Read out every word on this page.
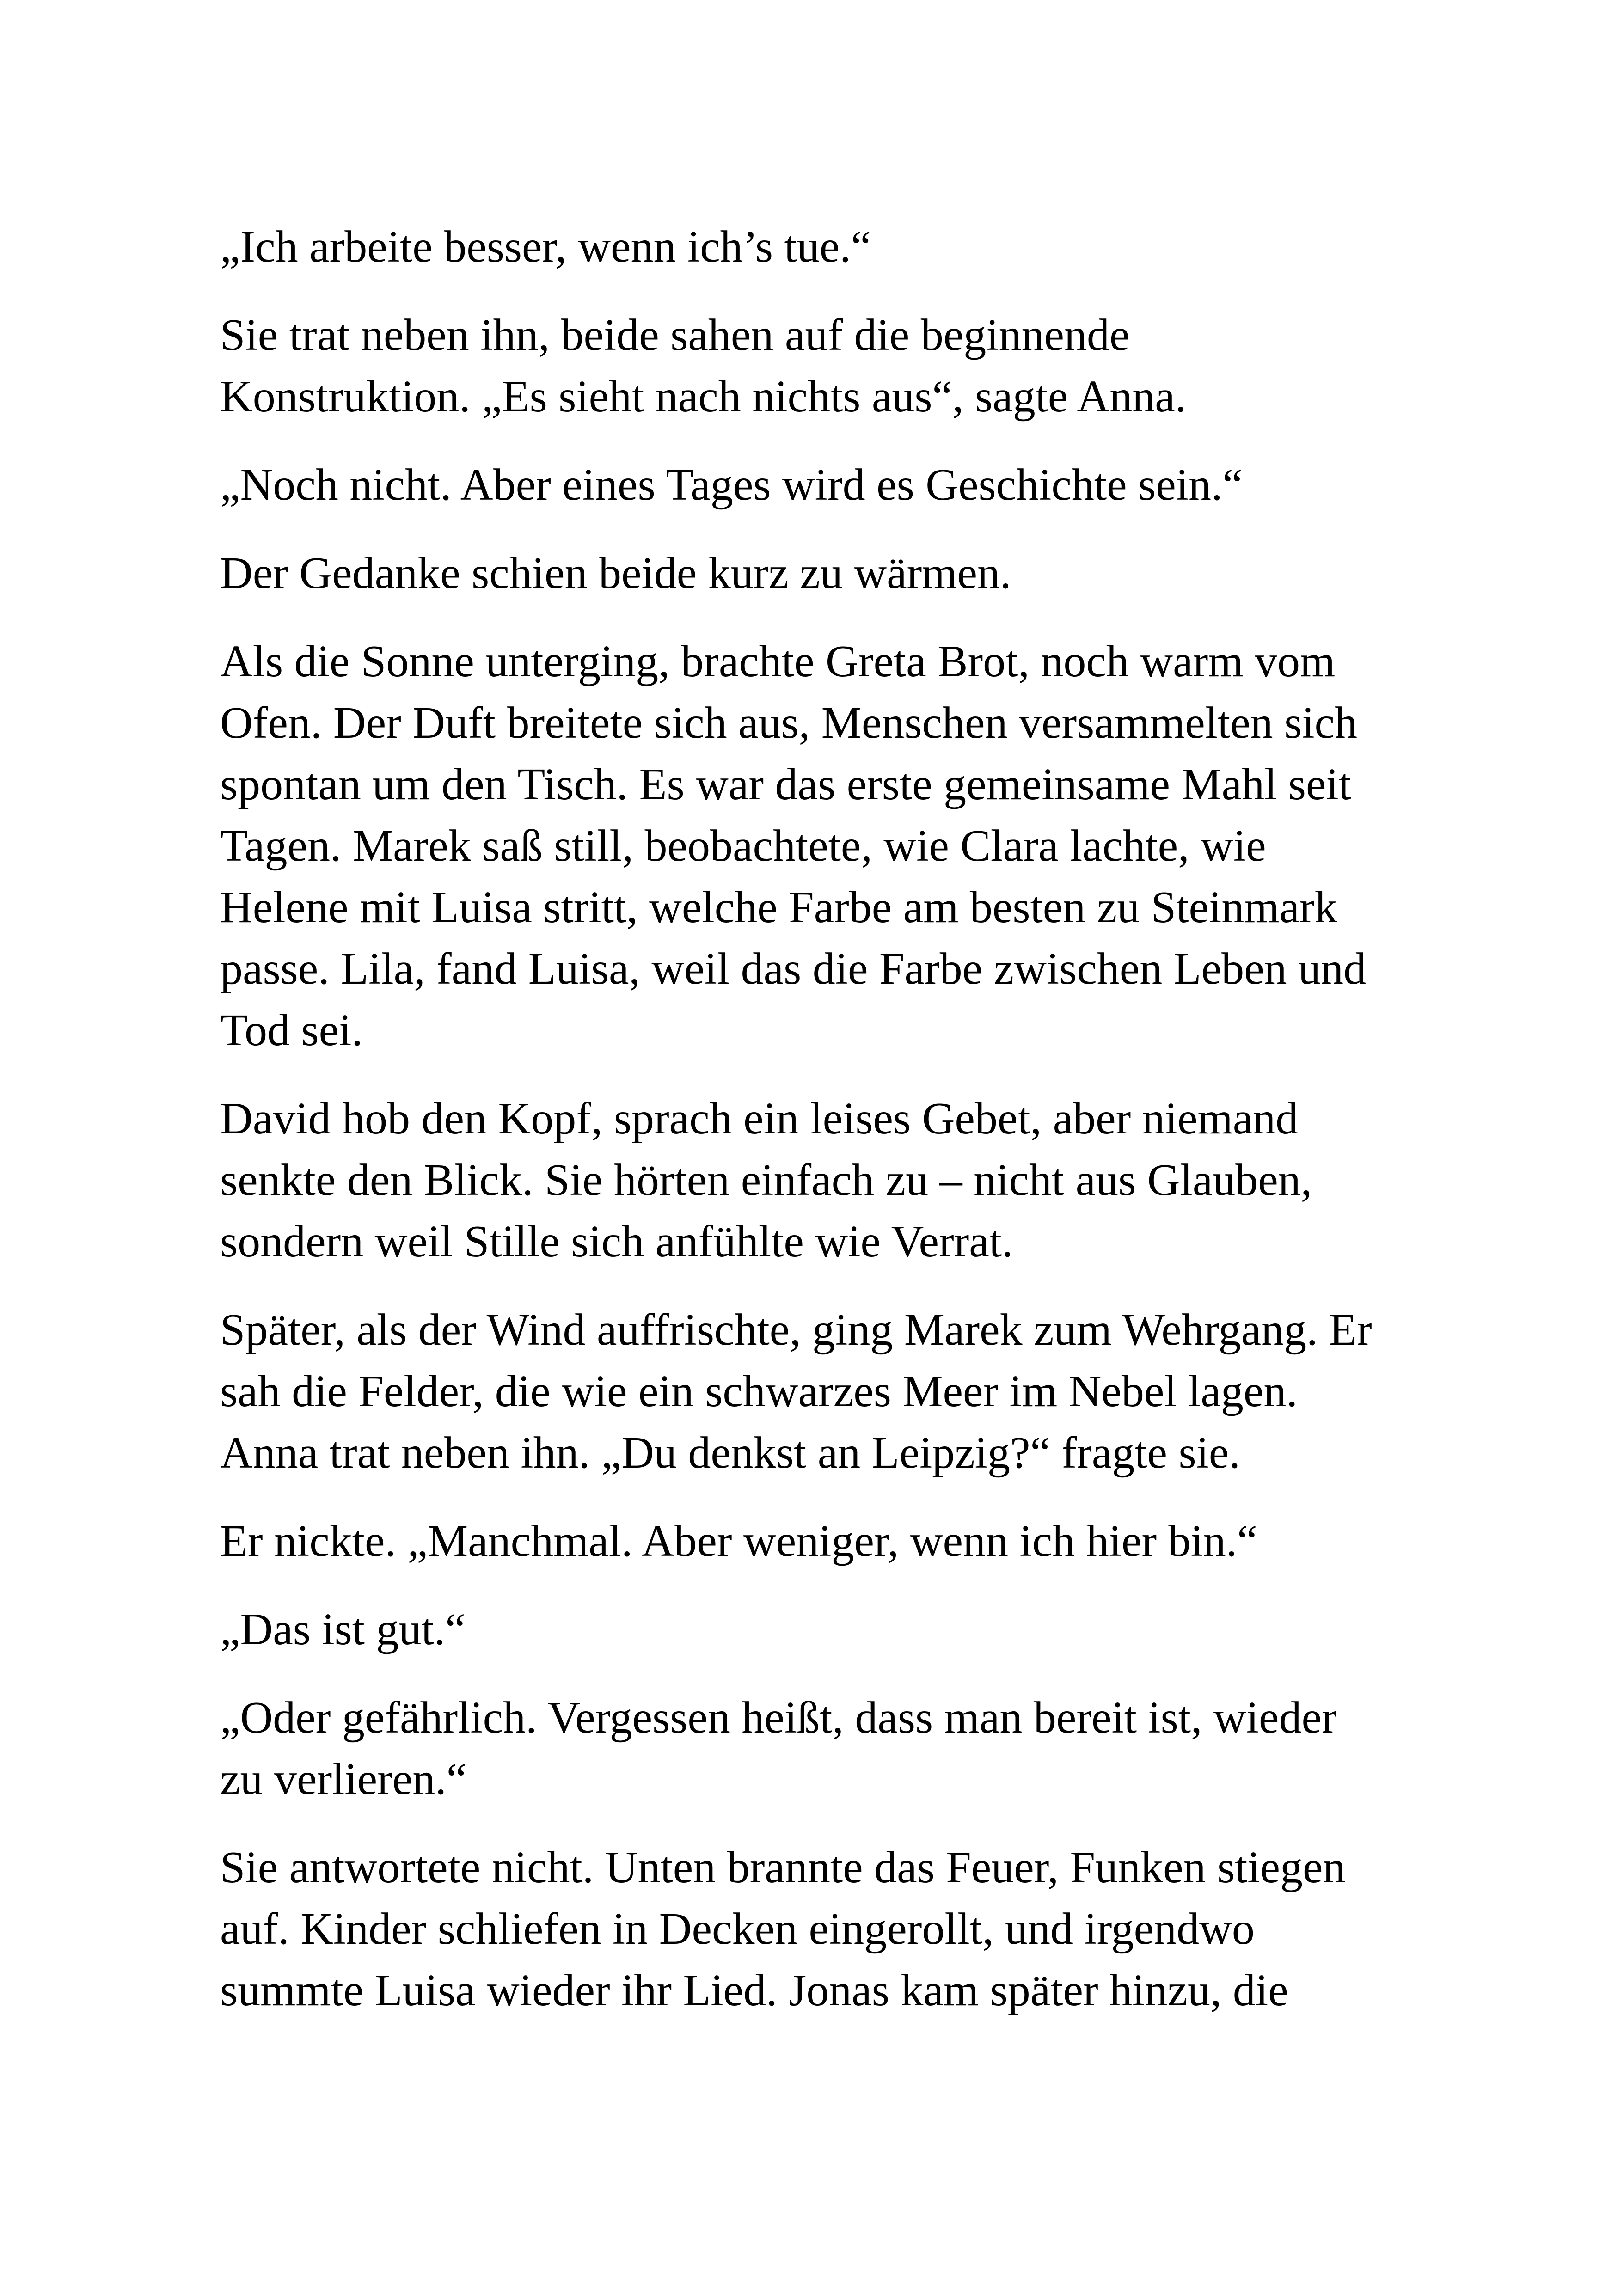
„Ich arbeite besser, wenn ich’s tue.“

Sie trat neben ihn, beide sahen auf die beginnende
Konstruktion. „Es sieht nach nichts aus“, sagte Anna.

„Noch nicht. Aber eines Tages wird es Geschichte sein.“

Der Gedanke schien beide kurz zu wärmen.

Als die Sonne unterging, brachte Greta Brot, noch warm vom
Ofen. Der Duft breitete sich aus, Menschen versammelten sich
spontan um den Tisch. Es war das erste gemeinsame Mahl seit
Tagen. Marek saß still, beobachtete, wie Clara lachte, wie
Helene mit Luisa stritt, welche Farbe am besten zu Steinmark
passe. Lila, fand Luisa, weil das die Farbe zwischen Leben und
Tod sei.

David hob den Kopf, sprach ein leises Gebet, aber niemand
senkte den Blick. Sie hörten einfach zu – nicht aus Glauben,
sondern weil Stille sich anfühlte wie Verrat.

Später, als der Wind auffrischte, ging Marek zum Wehrgang. Er
sah die Felder, die wie ein schwarzes Meer im Nebel lagen.
Anna trat neben ihn. „Du denkst an Leipzig?“ fragte sie.

Er nickte. „Manchmal. Aber weniger, wenn ich hier bin.“

„Das ist gut.“

„Oder gefährlich. Vergessen heißt, dass man bereit ist, wieder
zu verlieren.“

Sie antwortete nicht. Unten brannte das Feuer, Funken stiegen
auf. Kinder schliefen in Decken eingerollt, und irgendwo
summte Luisa wieder ihr Lied. Jonas kam später hinzu, die
